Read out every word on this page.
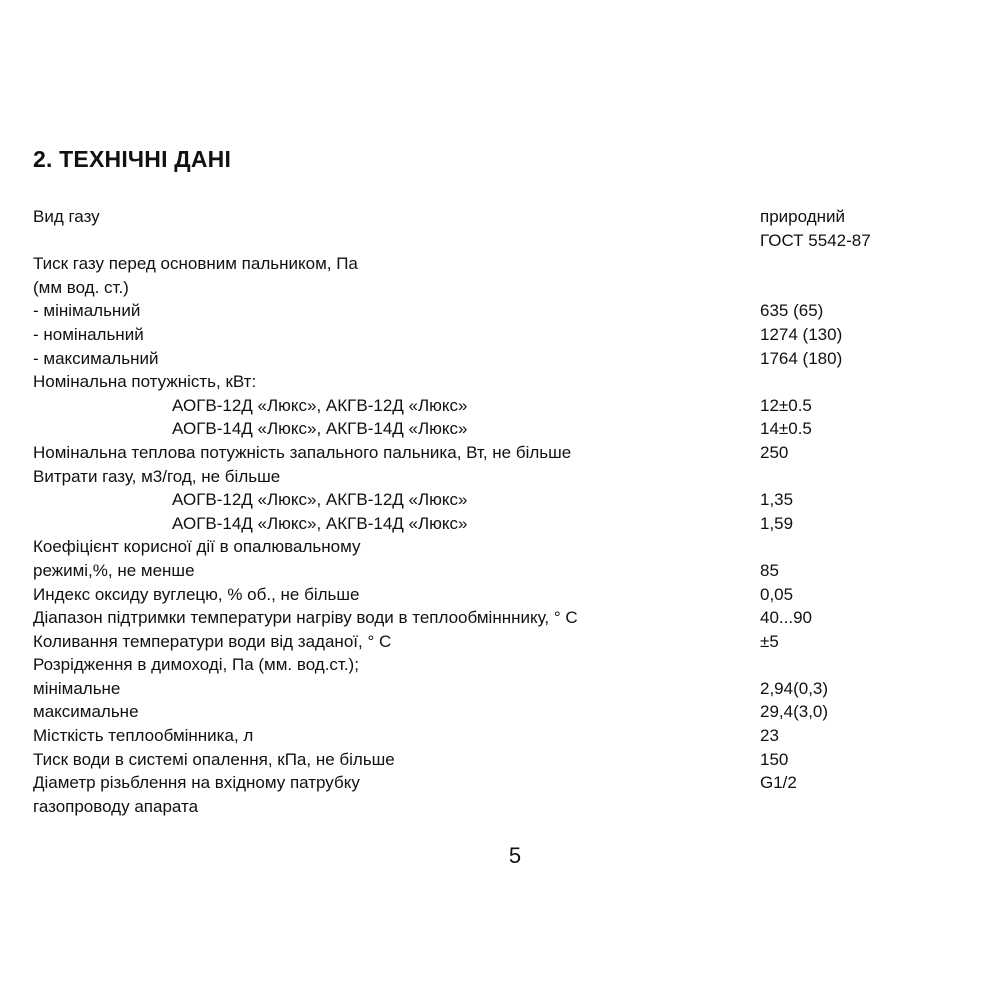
2. ТЕХНІЧНІ ДАНІ
Вид газу	природний
ГОСТ 5542-87
Тиск газу перед основним пальником, Па
(мм вод. ст.)
- мінімальний	635 (65)
- номінальний	1274 (130)
- максимальний	1764 (180)
Номінальна потужність, кВт:
АОГВ-12Д «Люкс», АКГВ-12Д «Люкс»	12±0.5
АОГВ-14Д «Люкс», АКГВ-14Д «Люкс»	14±0.5
Номінальна теплова потужність запального пальника, Вт, не більше	250
Витрати газу, м3/год, не більше
АОГВ-12Д «Люкс», АКГВ-12Д «Люкс»	1,35
АОГВ-14Д «Люкс», АКГВ-14Д «Люкс»	1,59
Коефіцієнт корисної дії в опалювальному
режимі,%, не менше	85
Индекс оксиду вуглецю, % об., не більше	0,05
Діапазон підтримки температури нагріву води в теплообмінннику, ° С	40...90
Коливання температури води від заданої, ° С	±5
Розрідження в димоході, Па (мм. вод.ст.);
мінімальне	2,94(0,3)
максимальне	29,4(3,0)
Місткість теплообмінника, л	23
Тиск води в системі опалення, кПа, не більше	150
Діаметр різьблення на вхідному патрубку	G1/2
газопроводу апарата
5
